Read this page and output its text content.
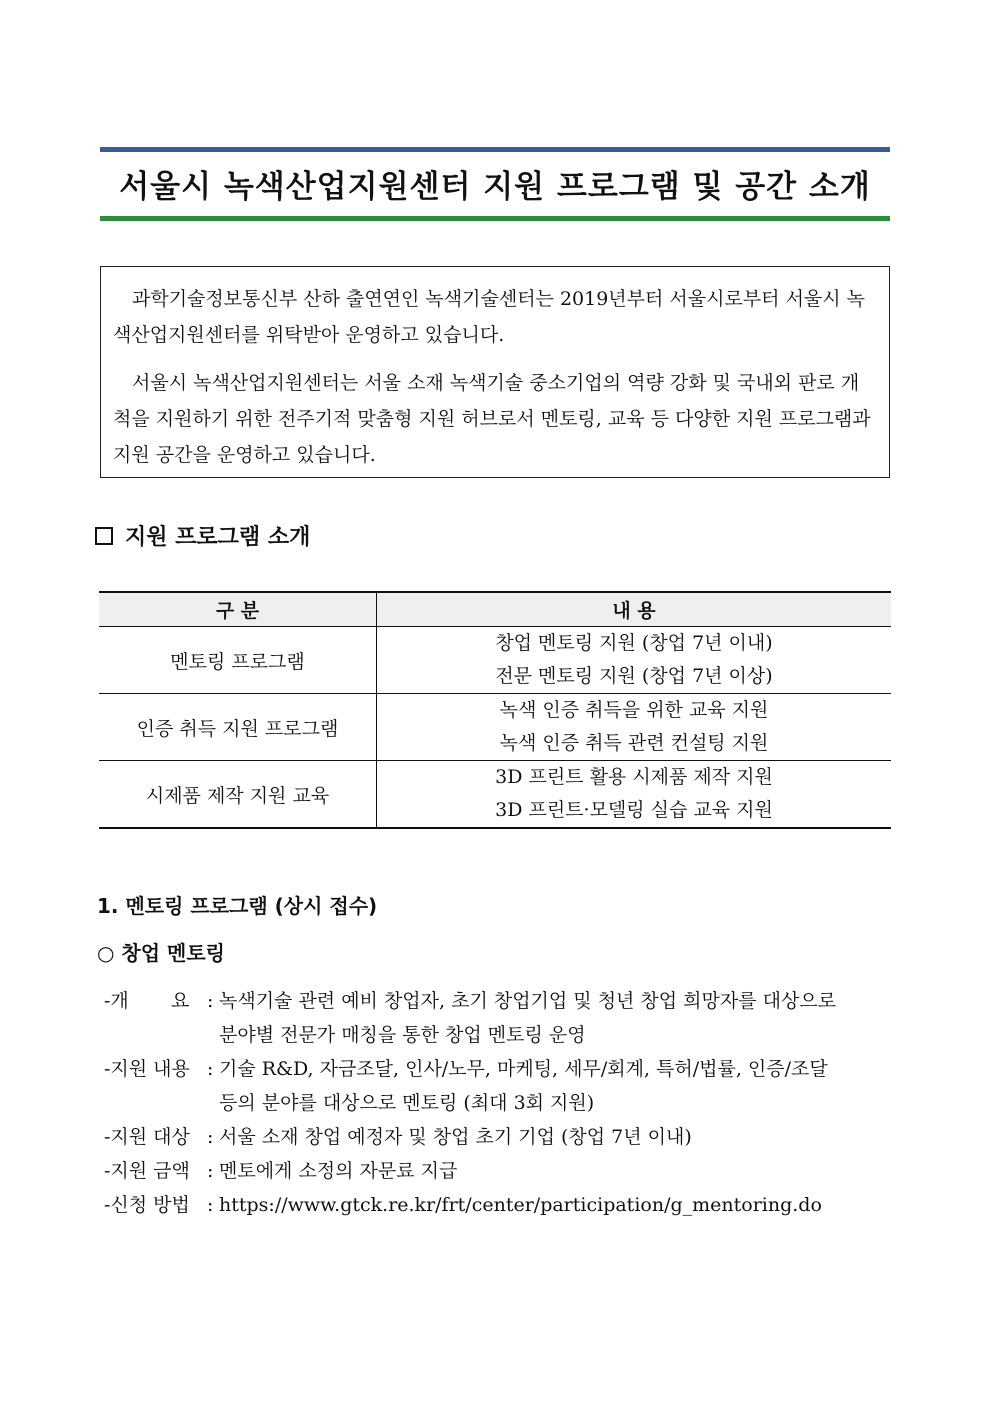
서울시 녹색산업지원센터 지원 프로그램 및 공간 소개

과학기술정보통신부 산하 출연연인 녹색기술센터는 2019년부터 서울시로부터 서울시 녹색산업지원센터를 위탁받아 운영하고 있습니다.

서울시 녹색산업지원센터는 서울 소재 녹색기술 중소기업의 역량 강화 및 국내외 판로 개척을 지원하기 위한 전주기적 맞춤형 지원 허브로서 멘토링, 교육 등 다양한 지원 프로그램과 지원 공간을 운영하고 있습니다.

지원 프로그램 소개
구 분	내 용
멘토링 프로그램	창업 멘토링 지원 (창업 7년 이내)
전문 멘토링 지원 (창업 7년 이상)

인증 취득 지원 프로그램	녹색 인증 취득을 위한 교육 지원
녹색 인증 취득 관련 컨설팅 지원

시제품 제작 지원 교육	3D 프린트 활용 시제품 제작 지원
3D 프린트·모델링 실습 교육 지원
1. 멘토링 프로그램 (상시 접수)
○ 창업 멘토링
-개       요 : 녹색기술 관련 예비 창업자, 초기 창업기업 및 청년 창업 희망자를 대상으로
분야별 전문가 매칭을 통한 창업 멘토링 운영
-지원 내용 : 기술 R&D, 자금조달, 인사/노무, 마케팅, 세무/회계, 특허/법률, 인증/조달
등의 분야를 대상으로 멘토링 (최대 3회 지원)
-지원 대상 : 서울 소재 창업 예정자 및 창업 초기 기업 (창업 7년 이내)
-지원 금액 : 멘토에게 소정의 자문료 지급
-신청 방법 : https://www.gtck.re.kr/frt/center/participation/g_mentoring.do
